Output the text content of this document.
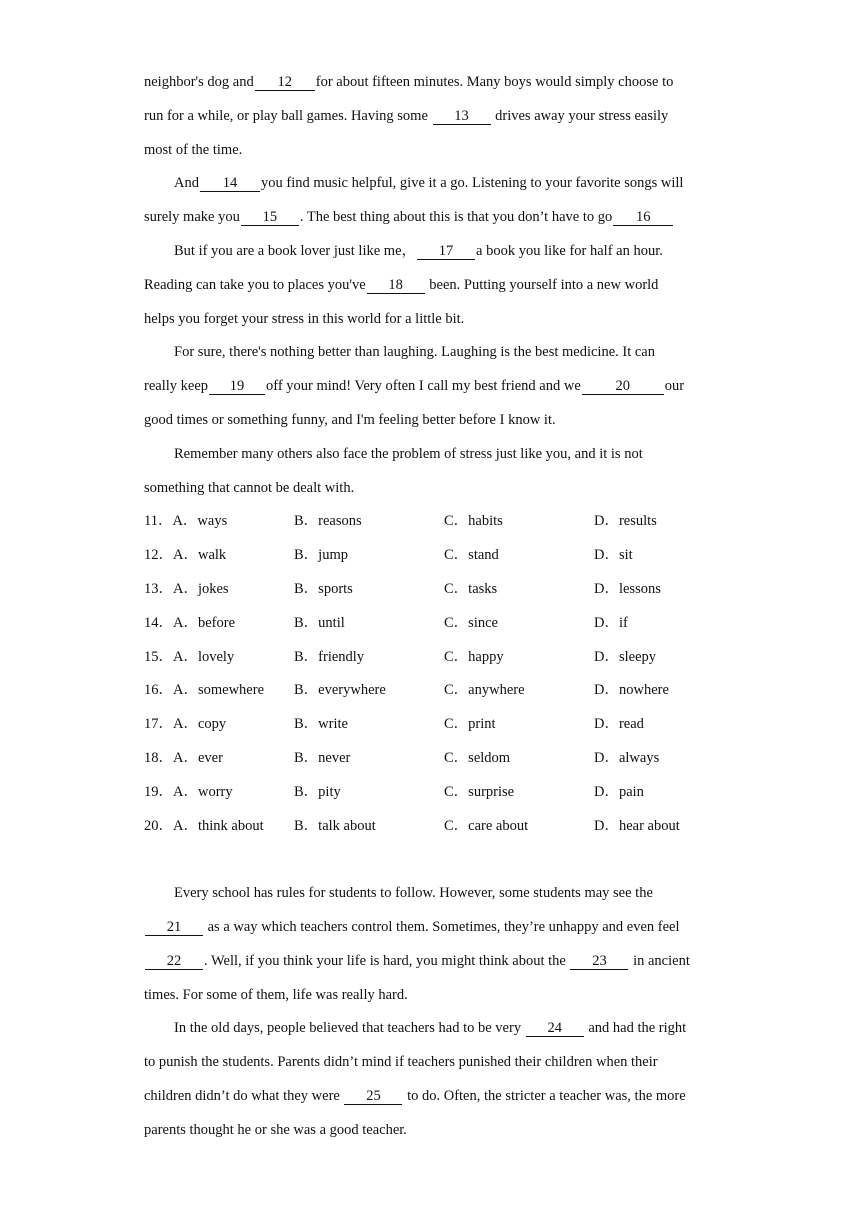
neighbor's dog and 12 for about fifteen minutes. Many boys would simply choose to
run for a while, or play ball games. Having some 13 drives away your stress easily
most of the time.
And 14 you find music helpful, give it a go. Listening to your favorite songs will
surely make you 15 . The best thing about this is that you don’t have to go 16
But if you are a book lover just like me， 17 a book you like for half an hour.
Reading can take you to places you've 18 been. Putting yourself into a new world
helps you forget your stress in this world for a little bit.
For sure, there's nothing better than laughing. Laughing is the best medicine. It can
really keep 19 off your mind! Very often I call my best friend and we 20 our
good times or something funny, and I'm feeling better before I know it.
Remember many others also face the problem of stress just like you, and it is not
something that cannot be dealt with.
11．A．ways	B．reasons	C．habits	D．results
12．A．walk	B．jump	C．stand	D．sit
13．A．jokes	B．sports	C．tasks	D．lessons
14．A．before	B．until	C．since	D．if
15．A．lovely	B．friendly	C．happy	D．sleepy
16．A．somewhere B．everywhere	C．anywhere	D．nowhere
17．A．copy	B．write	C．print	D．read
18．A．ever	B．never	C．seldom	D．always
19．A．worry	B．pity	C．surprise	D．pain
20．A．think about B．talk about	C．care about	D．hear about
Every school has rules for students to follow. However, some students may see the
21 as a way which teachers control them. Sometimes, they’re unhappy and even feel
22 . Well, if you think your life is hard, you might think about the 23 in ancient
times. For some of them, life was really hard.
In the old days, people believed that teachers had to be very 24 and had the right
to punish the students. Parents didn’t mind if teachers punished their children when their
children didn’t do what they were 25 to do. Often, the stricter a teacher was, the more
parents thought he or she was a good teacher.
